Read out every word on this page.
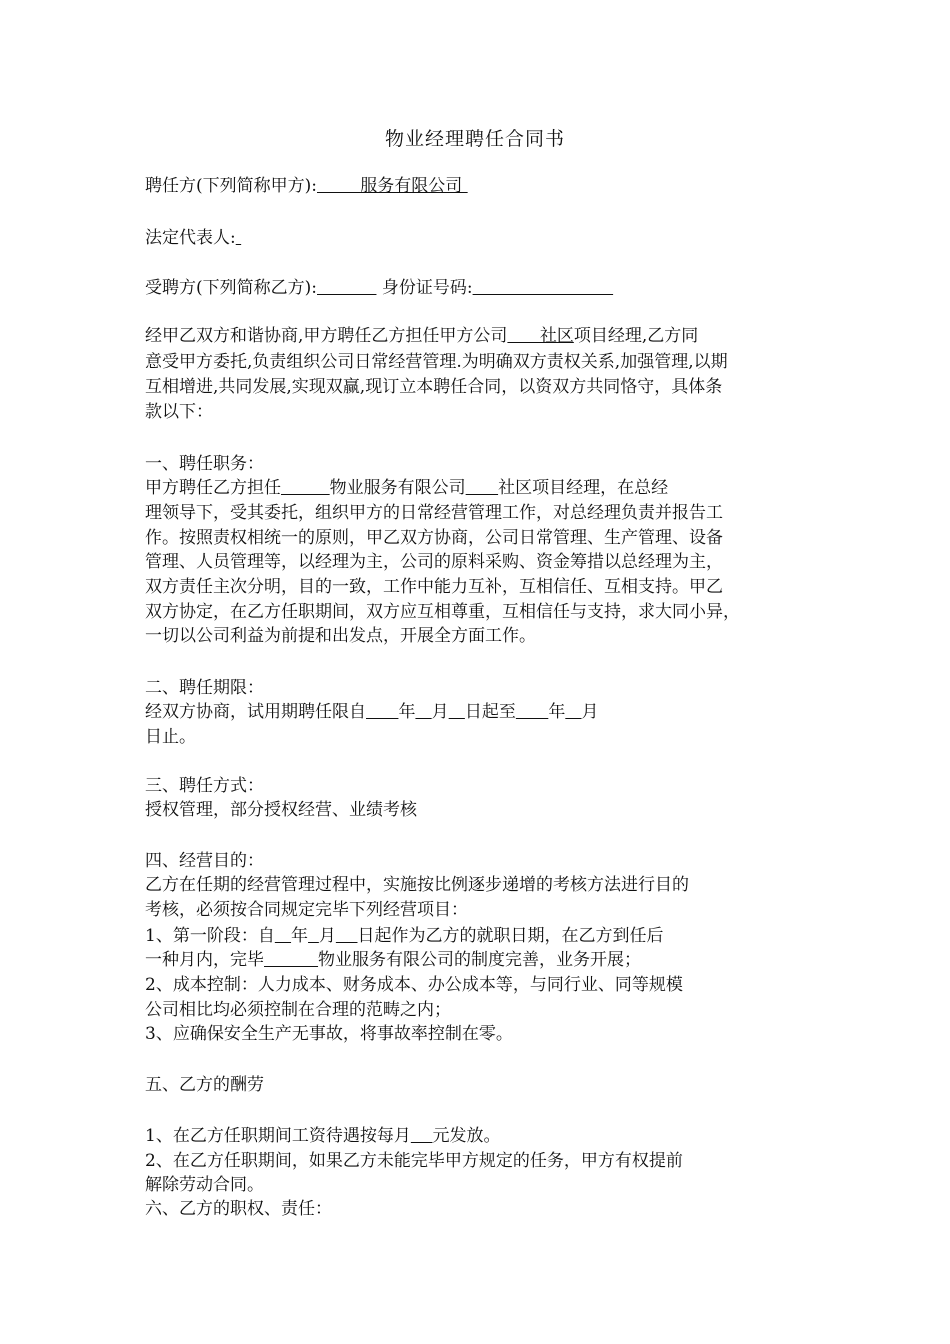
物业经理聘任合同书
聘任方(下列简称甲方):        服务有限公司
法定代表人:
受聘方(下列简称乙方):	身份证号码:
经甲乙双方和谐协商,甲方聘任乙方担任甲方公司      社区项目经理,乙方同
意受甲方委托,负责组织公司日常经营管理.为明确双方责权关系,加强管理,以期
互相增进,共同发展,实现双赢,现订立本聘任合同，以资双方共同恪守，具体条
款以下：
一、聘任职务：
甲方聘任乙方担任	物业服务有限公司 社区项目经理，在总经
理领导下，受其委托，组织甲方的日常经营管理工作，对总经理负责并报告工
作。按照责权相统一的原则，甲乙双方协商，公司日常管理、生产管理、设备
管理、人员管理等，以经理为主，公司的原料采购、资金筹措以总经理为主，
双方责任主次分明，目的一致，工作中能力互补，互相信任、互相支持。甲乙
双方协定，在乙方任职期间，双方应互相尊重，互相信任与支持，求大同小异，
一切以公司利益为前提和出发点，开展全方面工作。
二、聘任期限：
经双方协商，试用期聘任限自 年 月 日起至 年 月
日止。
三、聘任方式：
授权管理，部分授权经营、业绩考核
四、经营目的：
乙方在任期的经营管理过程中，实施按比例逐步递增的考核方法进行目的
考核，必须按合同规定完毕下列经营项目：
1、第一阶段：自 年 月 日起作为乙方的就职日期，在乙方到任后
一种月内，完毕	物业服务有限公司的制度完善，业务开展；
2、成本控制：人力成本、财务成本、办公成本等，与同行业、同等规模
公司相比均必须控制在合理的范畴之内；
3、应确保安全生产无事故，将事故率控制在零。
五、乙方的酬劳
1、在乙方任职期间工资待遇按每月 元发放。
2、在乙方任职期间，如果乙方未能完毕甲方规定的任务，甲方有权提前
解除劳动合同。
六、乙方的职权、责任：
